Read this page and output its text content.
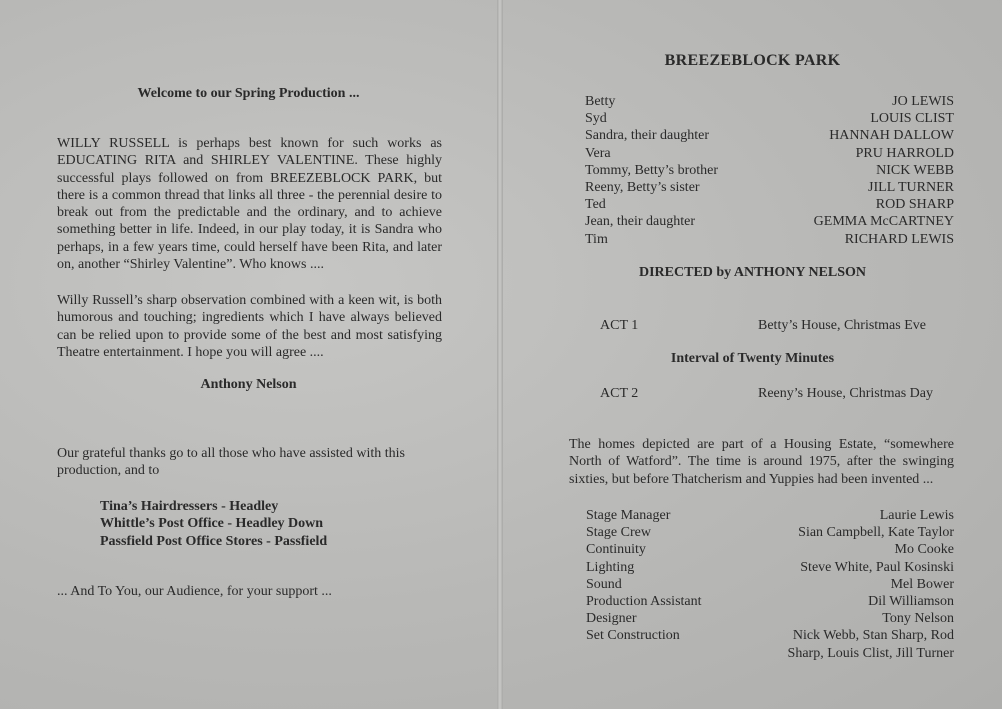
Welcome to our Spring Production ...

WILLY RUSSELL is perhaps best known for such works as EDUCATING RITA and SHIRLEY VALENTINE. These highly successful plays followed on from BREEZEBLOCK PARK, but there is a common thread that links all three - the perennial desire to break out from the predictable and the ordinary, and to achieve something better in life. Indeed, in our play today, it is Sandra who perhaps, in a few years time, could herself have been Rita, and later on, another “Shirley Valentine”. Who knows ....

Willy Russell’s sharp observation combined with a keen wit, is both humorous and touching; ingredients which I have always believed can be relied upon to provide some of the best and most satisfying Theatre entertainment. I hope you will agree ....

Anthony Nelson

Our grateful thanks go to all those who have assisted with this production, and to

Tina’s Hairdressers - Headley
Whittle’s Post Office - Headley Down
Passfield Post Office Stores - Passfield
... And To You, our Audience, for your support ...
BREEZEBLOCK PARK
Betty	JO LEWIS
Syd	LOUIS CLIST
Sandra, their daughter	HANNAH DALLOW
Vera	PRU HARROLD
Tommy, Betty’s brother	NICK WEBB
Reeny, Betty’s sister	JILL TURNER
Ted	ROD SHARP
Jean, their daughter	GEMMA McCARTNEY
Tim	RICHARD LEWIS
DIRECTED by ANTHONY NELSON
ACT 1	Betty’s House, Christmas Eve
Interval of Twenty Minutes
ACT 2	Reeny’s House, Christmas Day

The homes depicted are part of a Housing Estate, “somewhere North of Watford”. The time is around 1975, after the swinging sixties, but before Thatcherism and Yuppies had been invented ...

Stage Manager	Laurie Lewis
Stage Crew	Sian Campbell, Kate Taylor
Continuity	Mo Cooke
Lighting	Steve White, Paul Kosinski
Sound	Mel Bower
Production Assistant	Dil Williamson
Designer	Tony Nelson
Set Construction	Nick Webb, Stan Sharp, Rod Sharp, Louis Clist, Jill Turner
